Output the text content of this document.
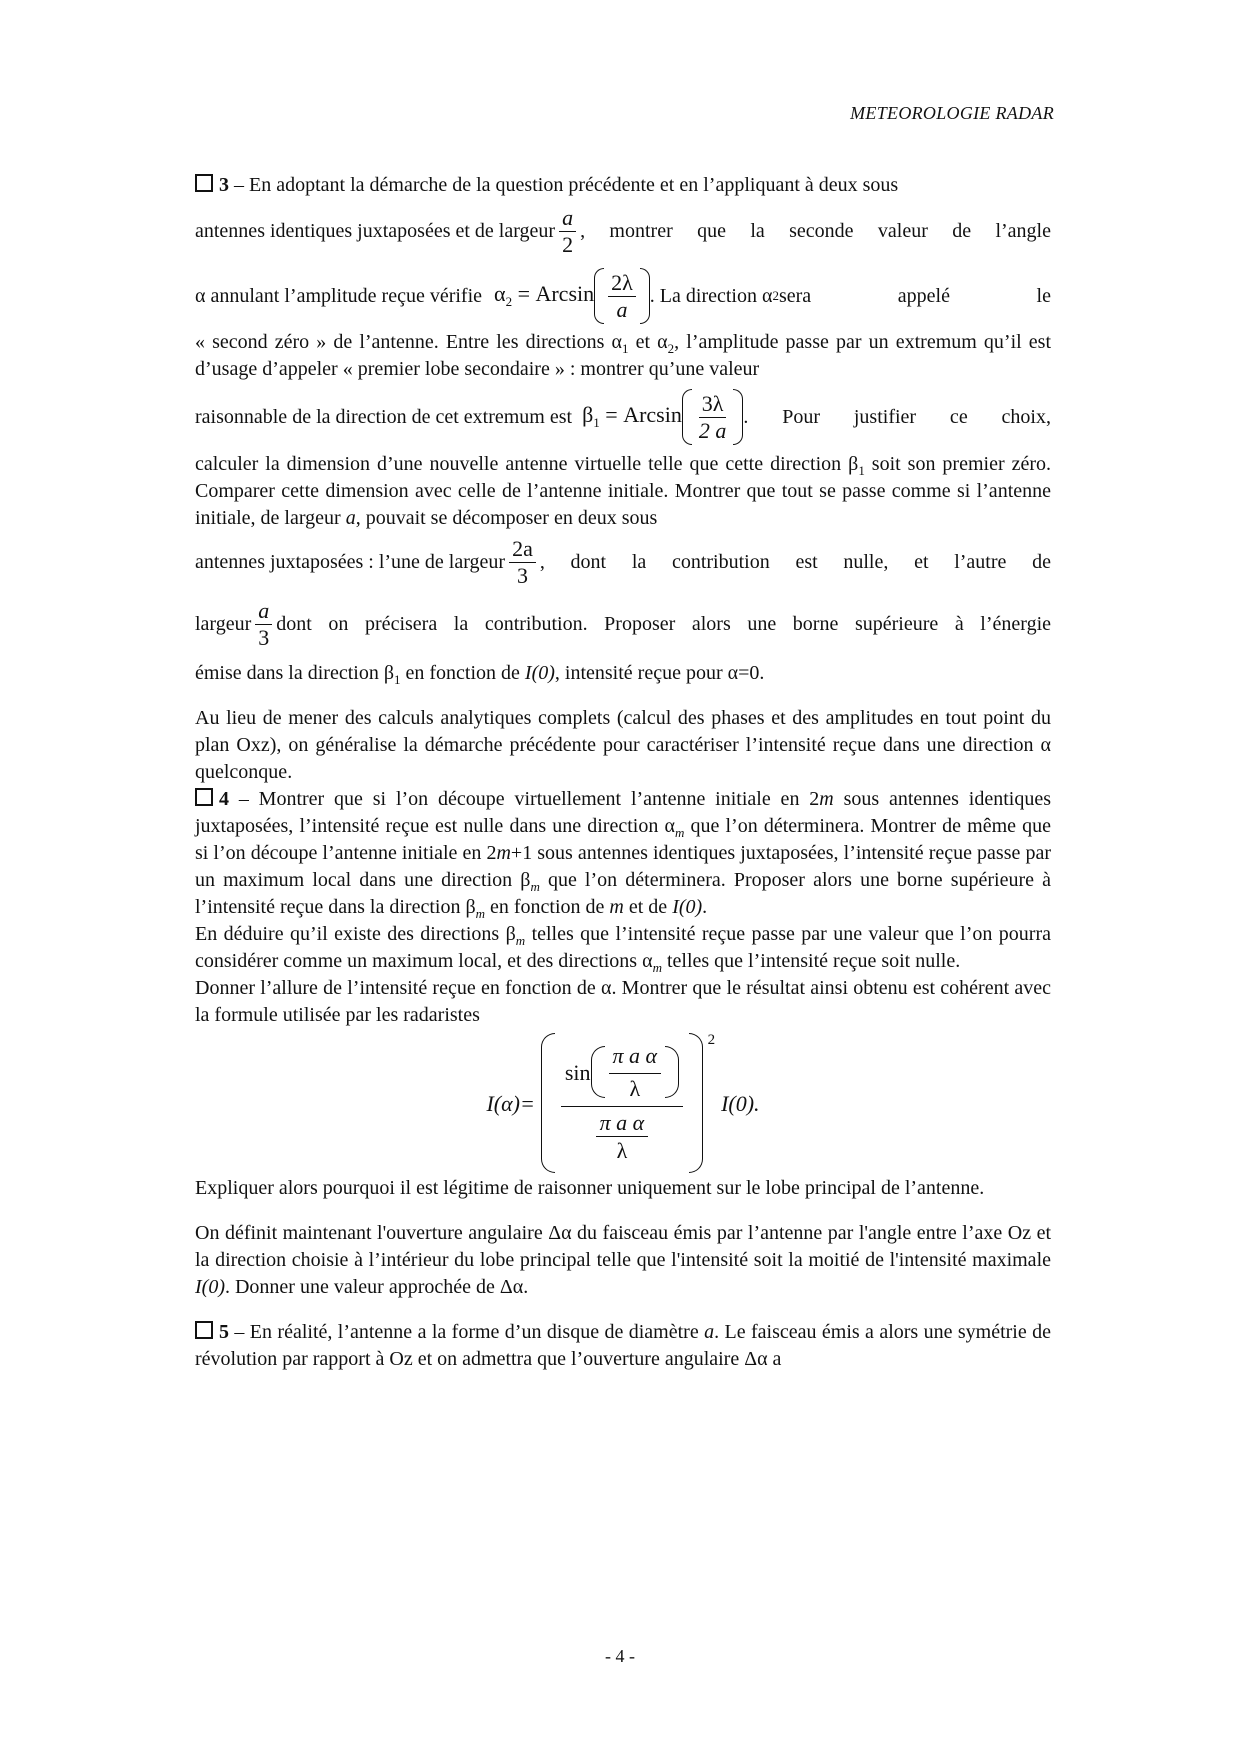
METEOROLOGIE RADAR

3 – En adoptant la démarche de la question précédente et en l’appliquant à deux sous

antennes identiques juxtaposées et de largeur $\frac{a}{2}$ , montrer que la seconde valeur de l’angle
α annulant l’amplitude reçue vérifie $\alpha_2 = Arcsin \frac{2\lambda}{a}$ . La direction α 2 sera appelé le

« second zéro » de l’antenne. Entre les directions $\alpha_1$ et $\alpha_2$, l’amplitude passe par un extremum qu’il est d’usage d’appeler « premier lobe secondaire » : montrer qu’une valeur

raisonnable de la direction de cet extremum est $\beta_1 = Arcsin \frac{3\lambda}{2 a}$ . Pour justifier ce choix,

calculer la dimension d’une nouvelle antenne virtuelle telle que cette direction $\beta_1$ soit son premier zéro. Comparer cette dimension avec celle de l’antenne initiale. Montrer que tout se passe comme si l’antenne initiale, de largeur a, pouvait se décomposer en deux sous

antennes juxtaposées : l’une de largeur $\frac{2a}{3}$ , dont la contribution est nulle, et l’autre de
largeur $\frac{a}{3}$ dont on précisera la contribution. Proposer alors une borne supérieure à l’énergie

émise dans la direction $\beta_1$ en fonction de I(0), intensité reçue pour α=0.

Au lieu de mener des calculs analytiques complets (calcul des phases et des amplitudes en tout point du plan Oxz), on généralise la démarche précédente pour caractériser l’intensité reçue dans une direction α quelconque.

4 – Montrer que si l’on découpe virtuellement l’antenne initiale en 2m sous antennes identiques juxtaposées, l’intensité reçue est nulle dans une direction $\alpha_m$ que l’on déterminera. Montrer de même que si l’on découpe l’antenne initiale en 2m+1 sous antennes identiques juxtaposées, l’intensité reçue passe par un maximum local dans une direction $\beta_m$ que l’on déterminera. Proposer alors une borne supérieure à l’intensité reçue dans la direction $\beta_m$ en fonction de m et de I(0).

En déduire qu’il existe des directions $\beta_m$ telles que l’intensité reçue passe par une valeur que l’on pourra considérer comme un maximum local, et des directions $\alpha_m$ telles que l’intensité reçue soit nulle.

Donner l’allure de l’intensité reçue en fonction de α. Montrer que le résultat ainsi obtenu est cohérent avec la formule utilisée par les radaristes

I(α)=
$\sin \frac{\text{π a α}}{\lambda}$
π a α
λ
2
I(0).

Expliquer alors pourquoi il est légitime de raisonner uniquement sur le lobe principal de l’antenne.

On définit maintenant l'ouverture angulaire Δα du faisceau émis par l’antenne par l'angle entre l’axe Oz et la direction choisie à l’intérieur du lobe principal telle que l'intensité soit la moitié de l'intensité maximale I(0). Donner une valeur approchée de Δα.

5 – En réalité, l’antenne a la forme d’un disque de diamètre a. Le faisceau émis a alors une symétrie de révolution par rapport à Oz et on admettra que l’ouverture angulaire Δα a

- 4 -
